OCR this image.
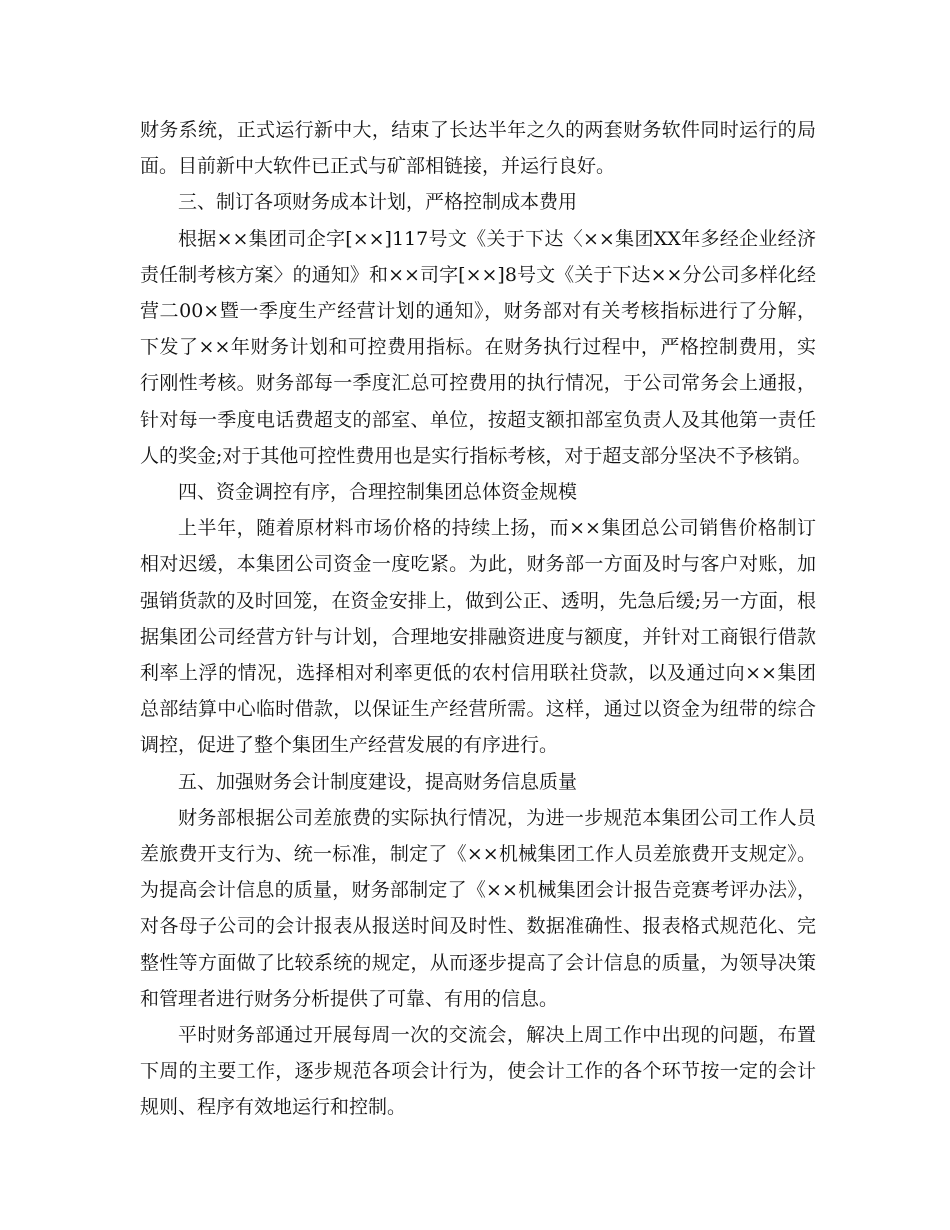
财务系统，正式运行新中大，结束了长达半年之久的两套财务软件同时运行的局面。目前新中大软件已正式与矿部相链接，并运行良好。

三、制订各项财务成本计划，严格控制成本费用

根据××集团司企字[××]117号文《关于下达〈××集团XX年多经企业经济责任制考核方案〉的通知》和××司字[××]8号文《关于下达××分公司多样化经营二00×暨一季度生产经营计划的通知》，财务部对有关考核指标进行了分解，下发了××年财务计划和可控费用指标。在财务执行过程中，严格控制费用，实行刚性考核。财务部每一季度汇总可控费用的执行情况，于公司常务会上通报，针对每一季度电话费超支的部室、单位，按超支额扣部室负责人及其他第一责任人的奖金;对于其他可控性费用也是实行指标考核，对于超支部分坚决不予核销。

四、资金调控有序，合理控制集团总体资金规模

上半年，随着原材料市场价格的持续上扬，而××集团总公司销售价格制订相对迟缓，本集团公司资金一度吃紧。为此，财务部一方面及时与客户对账，加强销货款的及时回笼，在资金安排上，做到公正、透明，先急后缓;另一方面，根据集团公司经营方针与计划，合理地安排融资进度与额度，并针对工商银行借款利率上浮的情况，选择相对利率更低的农村信用联社贷款，以及通过向××集团总部结算中心临时借款，以保证生产经营所需。这样，通过以资金为纽带的综合调控，促进了整个集团生产经营发展的有序进行。

五、加强财务会计制度建设，提高财务信息质量

财务部根据公司差旅费的实际执行情况，为进一步规范本集团公司工作人员差旅费开支行为、统一标准，制定了《××机械集团工作人员差旅费开支规定》。为提高会计信息的质量，财务部制定了《××机械集团会计报告竞赛考评办法》，对各母子公司的会计报表从报送时间及时性、数据准确性、报表格式规范化、完整性等方面做了比较系统的规定，从而逐步提高了会计信息的质量，为领导决策和管理者进行财务分析提供了可靠、有用的信息。

平时财务部通过开展每周一次的交流会，解决上周工作中出现的问题，布置下周的主要工作，逐步规范各项会计行为，使会计工作的各个环节按一定的会计规则、程序有效地运行和控制。
